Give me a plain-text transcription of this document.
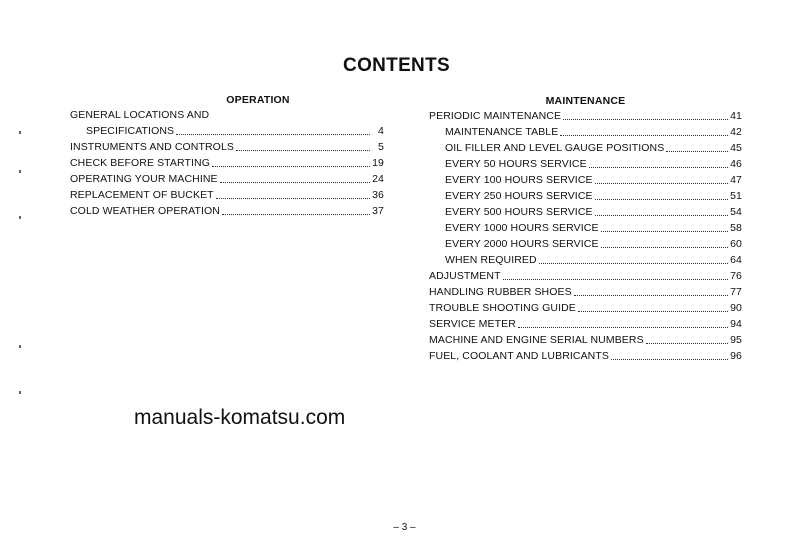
CONTENTS
OPERATION
GENERAL LOCATIONS AND
SPECIFICATIONS	4
INSTRUMENTS AND CONTROLS	5
CHECK BEFORE STARTING	19
OPERATING YOUR MACHINE	24
REPLACEMENT OF BUCKET	36
COLD WEATHER OPERATION	37
MAINTENANCE
PERIODIC MAINTENANCE	41
MAINTENANCE TABLE	42
OIL FILLER AND LEVEL GAUGE POSITIONS	45
EVERY 50 HOURS SERVICE	46
EVERY 100 HOURS SERVICE	47
EVERY 250 HOURS SERVICE	51
EVERY 500 HOURS SERVICE	54
EVERY 1000 HOURS SERVICE	58
EVERY 2000 HOURS SERVICE	60
WHEN REQUIRED	64
ADJUSTMENT	76
HANDLING RUBBER SHOES	77
TROUBLE SHOOTING GUIDE	90
SERVICE METER	94
MACHINE AND ENGINE SERIAL NUMBERS	95
FUEL, COOLANT AND LUBRICANTS	96
manuals-komatsu.com
– 3 –
